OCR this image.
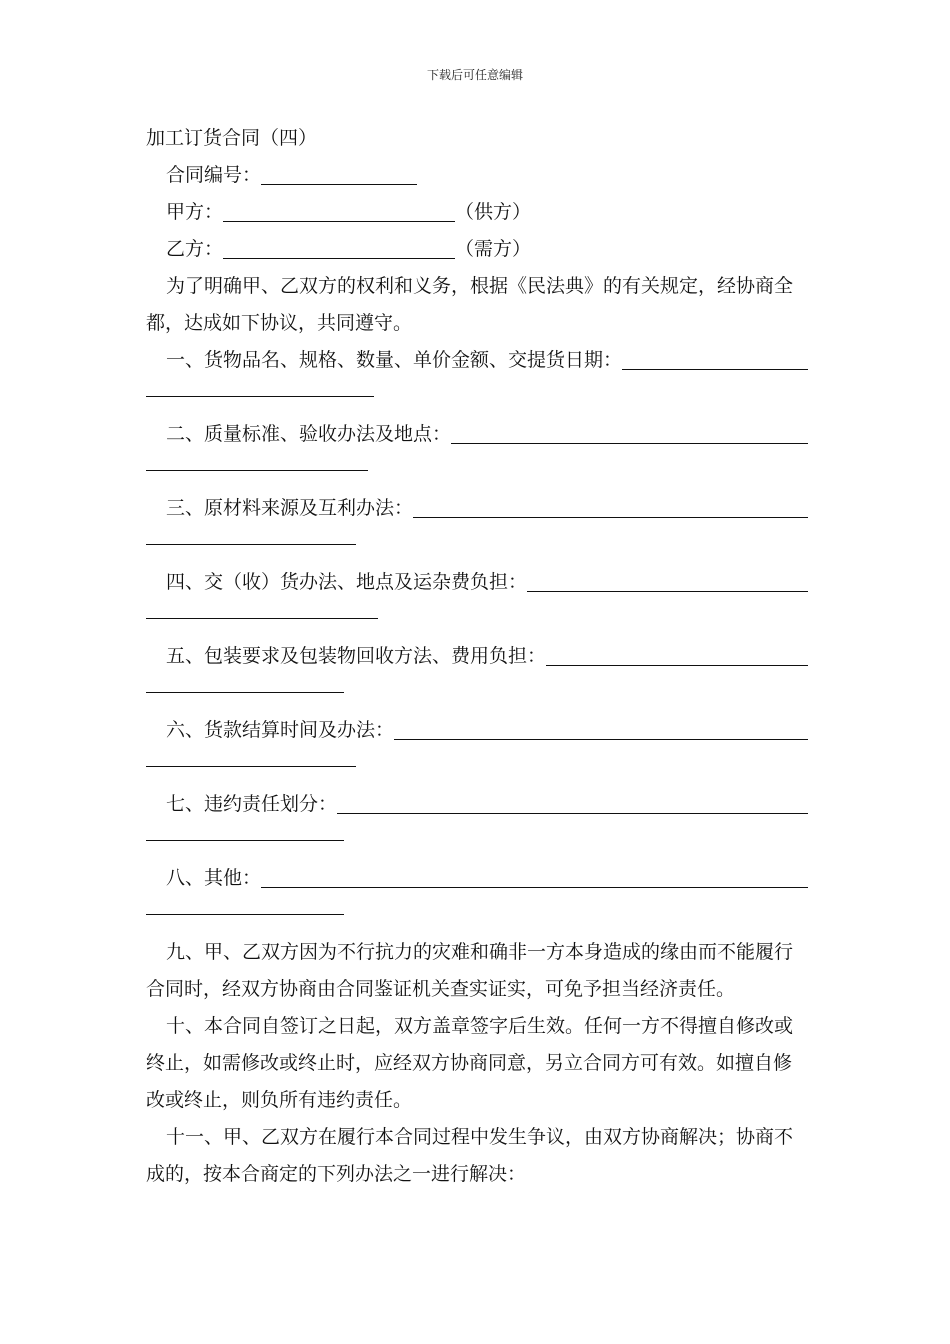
下载后可任意编辑
加工订货合同（四）
合同编号：
甲方：	（供方）
乙方：	（需方）
为了明确甲、乙双方的权利和义务，根据《民法典》的有关规定，经协商全都，达成如下协议，共同遵守。
一、货物品名、规格、数量、单价金额、交提货日期：
二、质量标准、验收办法及地点：
三、原材料来源及互利办法：
四、交（收）货办法、地点及运杂费负担：
五、包装要求及包装物回收方法、费用负担：
六、货款结算时间及办法：
七、违约责任划分：
八、其他：
九、甲、乙双方因为不行抗力的灾难和确非一方本身造成的缘由而不能履行合同时，经双方协商由合同鉴证机关查实证实，可免予担当经济责任。
十、本合同自签订之日起，双方盖章签字后生效。任何一方不得擅自修改或终止，如需修改或终止时，应经双方协商同意，另立合同方可有效。如擅自修改或终止，则负所有违约责任。
十一、甲、乙双方在履行本合同过程中发生争议，由双方协商解决；协商不成的，按本合商定的下列办法之一进行解决：
